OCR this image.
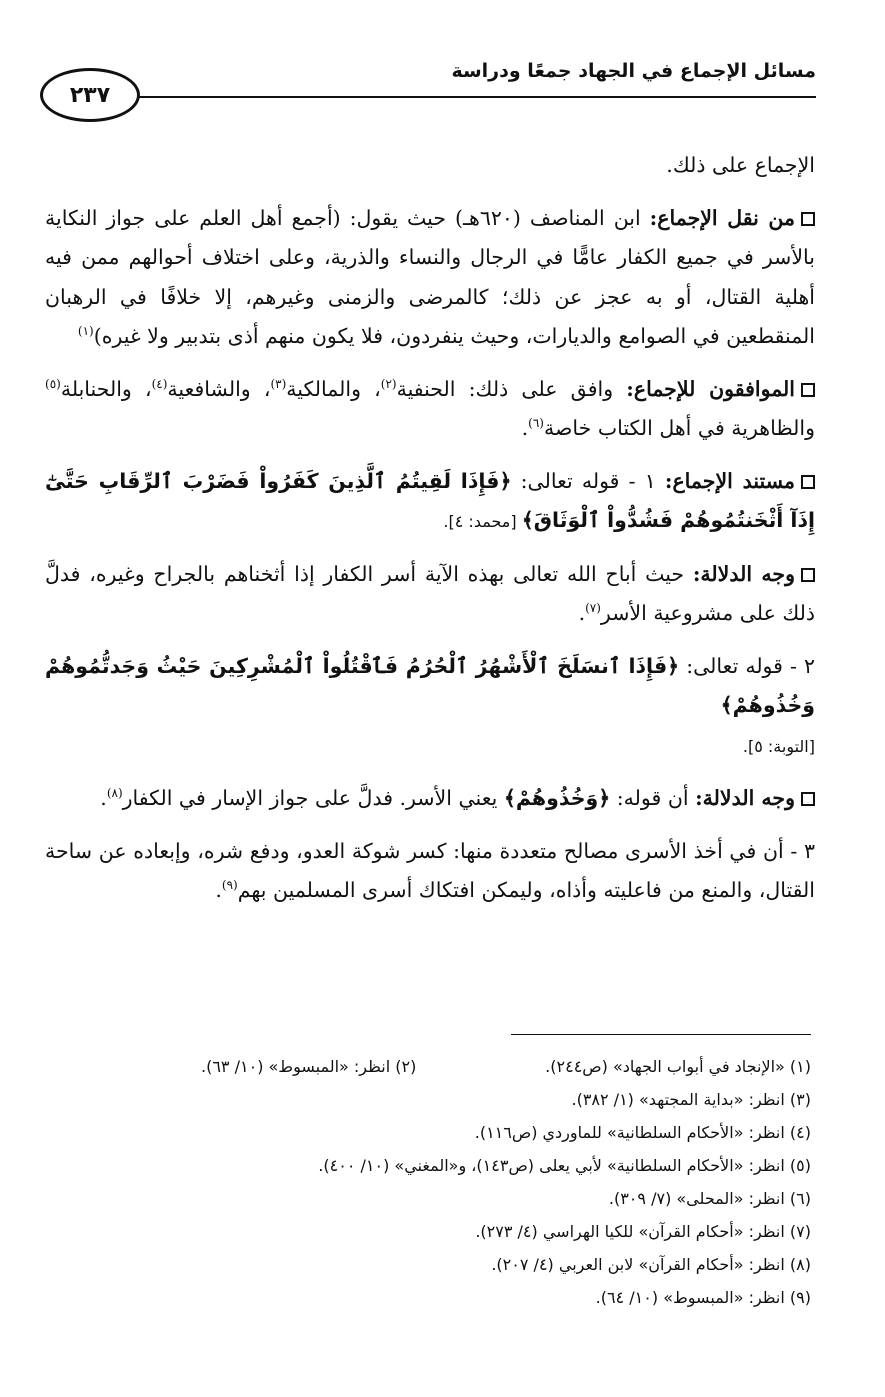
مسائل الإجماع في الجهاد جمعًا ودراسة
٢٣٧

الإجماع على ذلك.

من نقل الإجماع: ابن المناصف (٦٢٠هـ) حيث يقول: (أجمع أهل العلم على جواز النكاية بالأسر في جميع الكفار عامًّا في الرجال والنساء والذرية، وعلى اختلاف أحوالهم ممن فيه أهلية القتال، أو به عجز عن ذلك؛ كالمرضى والزمنى وغيرهم، إلا خلافًا في الرهبان المنقطعين في الصوامع والديارات، وحيث ينفردون، فلا يكون منهم أذى بتدبير ولا غيره)$^{(١)}$

الموافقون للإجماع: وافق على ذلك: الحنفية$^{(٢)}$، والمالكية$^{(٣)}$، والشافعية$^{(٤)}$، والحنابلة$^{(٥)}$ والظاهرية في أهل الكتاب خاصة$^{(٦)}$.

مستند الإجماع: ١ - قوله تعالى: ﴿فَإِذَا لَقِيتُمُ ٱلَّذِينَ كَفَرُواْ فَضَرْبَ ٱلرِّقَابِ حَتَّىٰٓ إِذَآ أَثْخَنتُمُوهُمْ فَشُدُّواْ ٱلْوَثَاقَ﴾ [محمد: ٤].

وجه الدلالة: حيث أباح الله تعالى بهذه الآية أسر الكفار إذا أثخناهم بالجراح وغيره، فدلَّ ذلك على مشروعية الأسر$^{(٧)}$.

٢ - قوله تعالى: ﴿فَإِذَا ٱنسَلَخَ ٱلْأَشْهُرُ ٱلْحُرُمُ فَٱقْتُلُواْ ٱلْمُشْرِكِينَ حَيْثُ وَجَدتُّمُوهُمْ وَخُذُوهُمْ﴾
[التوبة: ٥].

وجه الدلالة: أن قوله: ﴿وَخُذُوهُمْ﴾ يعني الأسر. فدلَّ على جواز الإسار في الكفار$^{(٨)}$.

٣ - أن في أخذ الأسرى مصالح متعددة منها: كسر شوكة العدو، ودفع شره، وإبعاده عن ساحة القتال، والمنع من فاعليته وأذاه، وليمكن افتكاك أسرى المسلمين بهم$^{(٩)}$.

(١) «الإنجاد في أبواب الجهاد» (ص٢٤٤).
(٢) انظر: «المبسوط» (١٠/ ٦٣).
(٣) انظر: «بداية المجتهد» (١/ ٣٨٢).
(٤) انظر: «الأحكام السلطانية» للماوردي (ص١١٦).
(٥) انظر: «الأحكام السلطانية» لأبي يعلى (ص١٤٣)، و«المغني» (١٠/ ٤٠٠).
(٦) انظر: «المحلى» (٧/ ٣٠٩).
(٧) انظر: «أحكام القرآن» للكيا الهراسي (٤/ ٢٧٣).
(٨) انظر: «أحكام القرآن» لابن العربي (٤/ ٢٠٧).
(٩) انظر: «المبسوط» (١٠/ ٦٤).
